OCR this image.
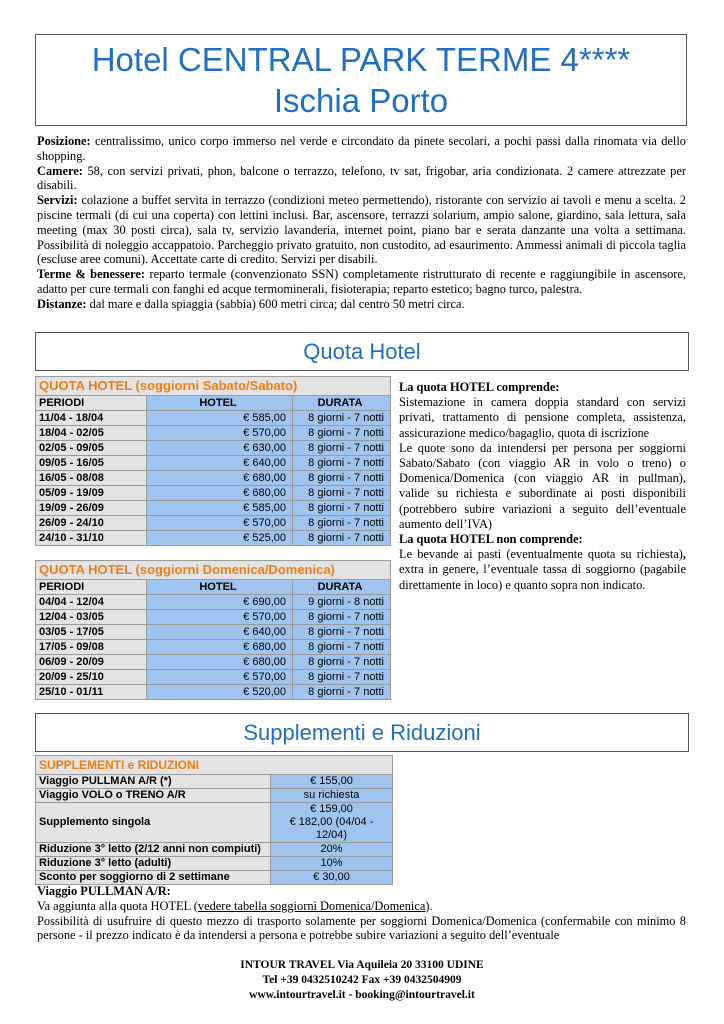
Hotel CENTRAL PARK TERME 4****
Ischia Porto
Posizione: centralissimo, unico corpo immerso nel verde e circondato da pinete secolari, a pochi passi dalla rinomata via dello shopping.
Camere: 58, con servizi privati, phon, balcone o terrazzo, telefono, tv sat, frigobar, aria condizionata. 2 camere attrezzate per disabili.
Servizi: colazione a buffet servita in terrazzo (condizioni meteo permettendo), ristorante con servizio ai tavoli e menu a scelta. 2 piscine termali (di cui una coperta) con lettini inclusi. Bar, ascensore, terrazzi solarium, ampio salone, giardino, sala lettura, sala meeting (max 30 posti circa), sala tv, servizio lavanderia, internet point, piano bar e serata danzante una volta a settimana. Possibilità di noleggio accappatoio. Parcheggio privato gratuito, non custodito, ad esaurimento. Ammessi animali di piccola taglia (escluse aree comuni). Accettate carte di credito. Servizi per disabili.
Terme & benessere: reparto termale (convenzionato SSN) completamente ristrutturato di recente e raggiungibile in ascensore, adatto per cure termali con fanghi ed acque termominerali, fisioterapia; reparto estetico; bagno turco, palestra.
Distanze: dal mare e dalla spiaggia (sabbia) 600 metri circa; dal centro 50 metri circa.
Quota Hotel
QUOTA HOTEL (soggiorni Sabato/Sabato)		
PERIODI	HOTEL	DURATA
11/04 - 18/04	€ 585,00	8 giorni - 7 notti
18/04 - 02/05	€ 570,00	8 giorni - 7 notti
02/05 - 09/05	€ 630,00	8 giorni - 7 notti
09/05 - 16/05	€ 640,00	8 giorni - 7 notti
16/05 - 08/08	€ 680,00	8 giorni - 7 notti
05/09 - 19/09	€ 680,00	8 giorni - 7 notti
19/09 - 26/09	€ 585,00	8 giorni - 7 notti
26/09 - 24/10	€ 570,00	8 giorni - 7 notti
24/10 - 31/10	€ 525,00	8 giorni - 7 notti
QUOTA HOTEL (soggiorni Domenica/Domenica)		
PERIODI	HOTEL	DURATA
04/04 - 12/04	€ 690,00	9 giorni - 8 notti
12/04 - 03/05	€ 570,00	8 giorni - 7 notti
03/05 - 17/05	€ 640,00	8 giorni - 7 notti
17/05 - 09/08	€ 680,00	8 giorni - 7 notti
06/09 - 20/09	€ 680,00	8 giorni - 7 notti
20/09 - 25/10	€ 570,00	8 giorni - 7 notti
25/10 - 01/11	€ 520,00	8 giorni - 7 notti
La quota HOTEL comprende:
Sistemazione in camera doppia standard con servizi privati, trattamento di pensione completa, assistenza, assicurazione medico/bagaglio, quota di iscrizione
Le quote sono da intendersi per persona per soggiorni Sabato/Sabato (con viaggio AR in volo o treno) o Domenica/Domenica (con viaggio AR in pullman), valide su richiesta e subordinate ai posti disponibili (potrebbero subire variazioni a seguito dell’eventuale aumento dell’IVA)
La quota HOTEL non comprende:
Le bevande ai pasti (eventualmente quota su richiesta), extra in genere, l’eventuale tassa di soggiorno (pagabile direttamente in loco) e quanto sopra non indicato.
Supplementi e Riduzioni
SUPPLEMENTI e RIDUZIONI	
Viaggio PULLMAN A/R (*)	€ 155,00
Viaggio VOLO o TRENO A/R	su richiesta
Supplemento singola	€ 159,00
€ 182,00 (04/04 - 12/04)

Riduzione 3° letto (2/12 anni non compiuti)	20%
Riduzione 3° letto (adulti)	10%
Sconto per soggiorno di 2 settimane	€ 30,00
Viaggio PULLMAN A/R:
Va aggiunta alla quota HOTEL (vedere tabella soggiorni Domenica/Domenica).
Possibilità di usufruire di questo mezzo di trasporto solamente per soggiorni Domenica/Domenica (confermabile con minimo 8 persone - il prezzo indicato è da intendersi a persona e potrebbe subire variazioni a seguito dell’eventuale
INTOUR TRAVEL Via Aquileia 20 33100 UDINE
Tel +39 0432510242 Fax +39 0432504909
www.intourtravel.it - booking@intourtravel.it
